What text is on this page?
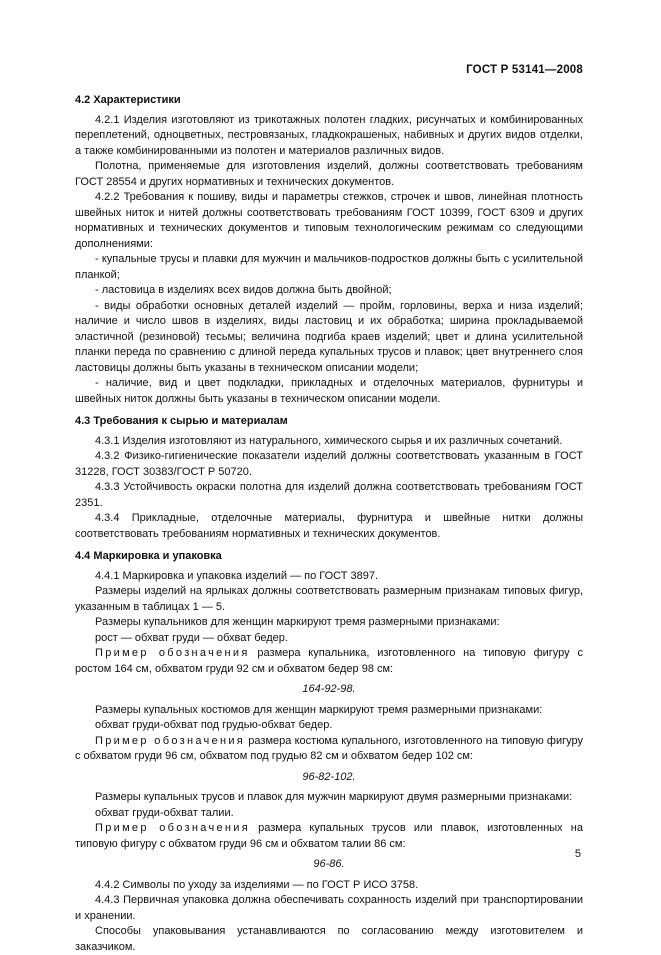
ГОСТ Р 53141—2008

4.2 Характеристики

4.2.1 Изделия изготовляют из трикотажных полотен гладких, рисунчатых и комбинированных переплетений, одноцветных, пестровязаных, гладкокрашеных, набивных и других видов отделки, а также комбинированными из полотен и материалов различных видов.

Полотна, применяемые для изготовления изделий, должны соответствовать требованиям ГОСТ 28554 и других нормативных и технических документов.

4.2.2 Требования к пошиву, виды и параметры стежков, строчек и швов, линейная плотность швейных ниток и нитей должны соответствовать требованиям ГОСТ 10399, ГОСТ 6309 и других нормативных и технических документов и типовым технологическим режимам со следующими дополнениями:

- купальные трусы и плавки для мужчин и мальчиков-подростков должны быть с усилительной планкой;

- ластовица в изделиях всех видов должна быть двойной;

- виды обработки основных деталей изделий — пройм, горловины, верха и низа изделий; наличие и число швов в изделиях, виды ластовиц и их обработка; ширина прокладываемой эластичной (резиновой) тесьмы; величина подгиба краев изделий; цвет и длина усилительной планки переда по сравнению с длиной переда купальных трусов и плавок; цвет внутреннего слоя ластовицы должны быть указаны в техническом описании модели;

- наличие, вид и цвет подкладки, прикладных и отделочных материалов, фурнитуры и швейных ниток должны быть указаны в техническом описании модели.

4.3 Требования к сырью и материалам

4.3.1 Изделия изготовляют из натурального, химического сырья и их различных сочетаний.

4.3.2 Физико-гигиенические показатели изделий должны соответствовать указанным в ГОСТ 31228, ГОСТ 30383/ГОСТ Р 50720.

4.3.3 Устойчивость окраски полотна для изделий должна соответствовать требованиям ГОСТ 2351.

4.3.4 Прикладные, отделочные материалы, фурнитура и швейные нитки должны соответствовать требованиям нормативных и технических документов.

4.4 Маркировка и упаковка

4.4.1 Маркировка и упаковка изделий — по ГОСТ 3897.

Размеры изделий на ярлыках должны соответствовать размерным признакам типовых фигур, указанным в таблицах 1 — 5.

Размеры купальников для женщин маркируют тремя размерными признаками:

рост — обхват груди — обхват бедер.

Пример обозначения размера купальника, изготовленного на типовую фигуру с ростом 164 см, обхватом груди 92 см и обхватом бедер 98 см:

164-92-98.

Размеры купальных костюмов для женщин маркируют тремя размерными признаками:

обхват груди-обхват под грудью-обхват бедер.

Пример обозначения размера костюма купального, изготовленного на типовую фигуру с обхватом груди 96 см, обхватом под грудью 82 см и обхватом бедер 102 см:

96-82-102.

Размеры купальных трусов и плавок для мужчин маркируют двумя размерными признаками:

обхват груди-обхват талии.

Пример обозначения размера купальных трусов или плавок, изготовленных на типовую фигуру с обхватом груди 96 см и обхватом талии 86 см:

96-86.

4.4.2 Символы по уходу за изделиями — по ГОСТ Р ИСО 3758.

4.4.3 Первичная упаковка должна обеспечивать сохранность изделий при транспортировании и хранении.

Способы упаковывания устанавливаются по согласованию между изготовителем и заказчиком.

5
